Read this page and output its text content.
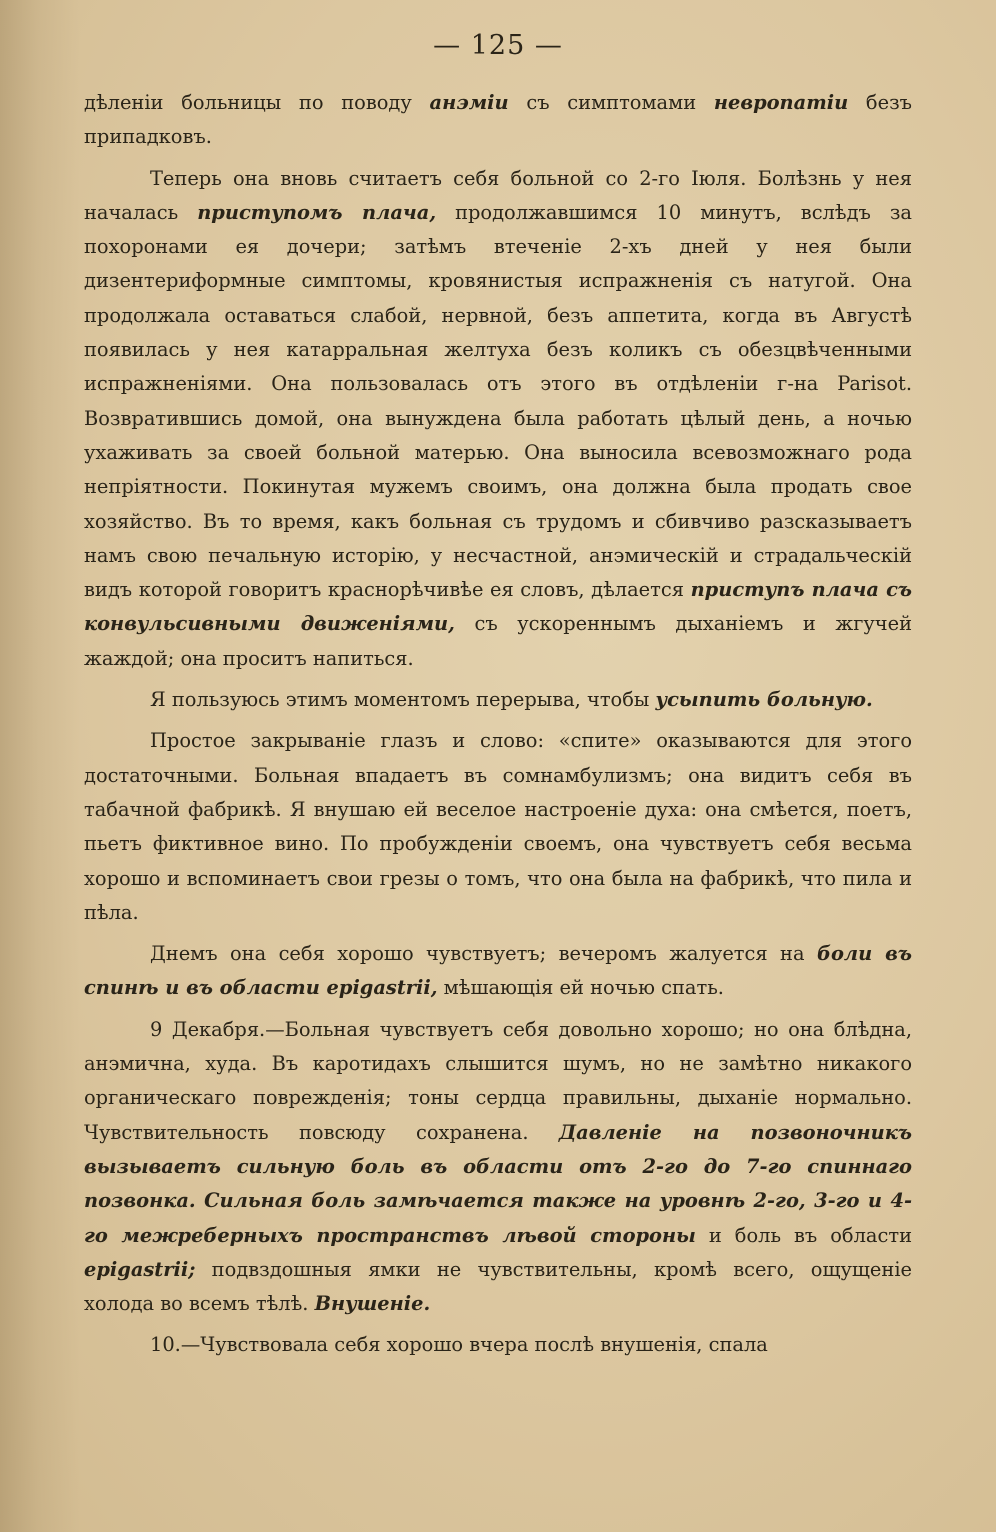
— 125 —

дѣленіи больницы по поводу анэміи съ симптомами невропатіи безъ припадковъ.

Теперь она вновь считаетъ себя больной со 2-го Іюля. Болѣзнь у нея началась приступомъ плача, продолжавшимся 10 минутъ, вслѣдъ за похоронами ея дочери; затѣмъ втеченіе 2-хъ дней у нея были дизентериформные симптомы, кровянистыя испражненія съ натугой. Она продолжала оставаться слабой, нервной, безъ аппетита, когда въ Августѣ появилась у нея катарральная желтуха безъ коликъ съ обезцвѣченными испражненіями. Она пользовалась отъ этого въ отдѣленіи г-на Parisot. Возвратившись домой, она вынуждена была работать цѣлый день, а ночью ухаживать за своей больной матерью. Она выносила всевозможнаго рода непріятности. Покинутая мужемъ своимъ, она должна была продать свое хозяйство. Въ то время, какъ больная съ трудомъ и сбивчиво разсказываетъ намъ свою печальную исторію, у несчастной, анэмическій и страдальческій видъ которой говоритъ краснорѣчивѣе ея словъ, дѣлается приступъ плача съ конвульсивными движеніями, съ ускореннымъ дыханіемъ и жгучей жаждой; она проситъ напиться.

Я пользуюсь этимъ моментомъ перерыва, чтобы усыпить больную.

Простое закрываніе глазъ и слово: «спите» оказываются для этого достаточными. Больная впадаетъ въ сомнамбулизмъ; она видитъ себя въ табачной фабрикѣ. Я внушаю ей веселое настроеніе духа: она смѣется, поетъ, пьетъ фиктивное вино. По пробужденіи своемъ, она чувствуетъ себя весьма хорошо и вспоминаетъ свои грезы о томъ, что она была на фабрикѣ, что пила и пѣла.

Днемъ она себя хорошо чувствуетъ; вечеромъ жалуется на боли въ спинѣ и въ области epigastrii, мѣшающія ей ночью спать.

9 Декабря.—Больная чувствуетъ себя довольно хорошо; но она блѣдна, анэмична, худа. Въ каротидахъ слышится шумъ, но не замѣтно никакого органическаго поврежденія; тоны сердца правильны, дыханіе нормально. Чувствительность повсюду сохранена. Давленіе на позвоночникъ вызываетъ сильную боль въ области отъ 2-го до 7-го спиннаго позвонка. Сильная боль замѣчается также на уровнѣ 2-го, 3-го и 4-го межреберныхъ пространствъ лѣвой стороны и боль въ области epigastrii; подвздошныя ямки не чувствительны, кромѣ всего, ощущеніе холода во всемъ тѣлѣ. Внушеніе.

10.—Чувствовала себя хорошо вчера послѣ внушенія, спала
